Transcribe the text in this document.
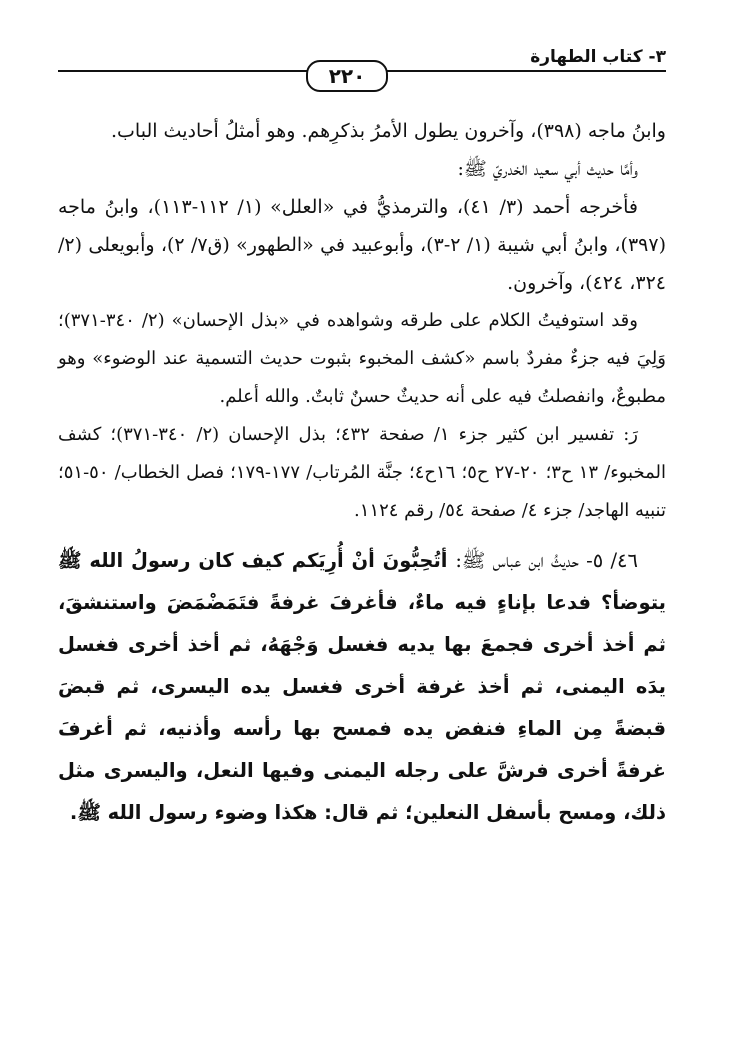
٣- كتاب الطهارة
٢٢٠

وابنُ ماجه (٣٩٨)، وآخرون يطول الأمرُ بذكرِهم. وهو أمثلُ أحاديث الباب.

وأمَّا حديث أبي سعيد الخدريّ ﷺ:

فأخرجه أحمد (٣/ ٤١)، والترمذيُّ في «العلل» (١/ ١١٢-١١٣)، وابنُ ماجه (٣٩٧)، وابنُ أبي شيبة (١/ ٢-٣)، وأبوعبيد في «الطهور» (ق٧/ ٢)، وأبويعلى (٢/ ٣٢٤، ٤٢٤)، وآخرون.

وقد استوفيتُ الكلام على طرقه وشواهده في «بذل الإحسان» (٢/ ٣٤٠-٣٧١)؛ وَلِيَ فيه جزءٌ مفردٌ باسم «كشف المخبوء بثبوت حديث التسمية عند الوضوء» وهو مطبوعٌ، وانفصلتُ فيه على أنه حديثٌ حسنٌ ثابتٌ. والله أعلم.

رَ: تفسير ابن كثير جزء ١/ صفحة ٤٣٢؛ بذل الإحسان (٢/ ٣٤٠-٣٧١)؛ كشف المخبوء/ ١٣ ح٣؛ ٢٠-٢٧ ح٥؛ ١٦ح٤؛ جنَّة المُرتاب/ ١٧٧-١٧٩؛ فصل الخطاب/ ٥٠-٥١؛ تنبيه الهاجد/ جزء ٤/ صفحة ٥٤/ رقم ١١٢٤.

٤٦/ ٥- حديثُ ابن عباس ﷺ: أتُحِبُّونَ أنْ أُرِيَكم كيف كان رسولُ الله ﷺ يتوضأ؟ فدعا بإناءٍ فيه ماءٌ، فأغرفَ غرفةً فتَمَضْمَضَ واستنشقَ، ثم أخذ أخرى فجمعَ بها يديه فغسل وَجْهَهُ، ثم أخذ أخرى فغسل يدَه اليمنى، ثم أخذ غرفة أخرى فغسل يده اليسرى، ثم قبضَ قبضةً مِن الماءِ فنفض يده فمسح بها رأسه وأذنيه، ثم أغرفَ غرفةً أخرى فرشَّ على رجله اليمنى وفيها النعل، واليسرى مثل ذلك، ومسح بأسفل النعلين؛ ثم قال: هكذا وضوء رسول الله ﷺ.
